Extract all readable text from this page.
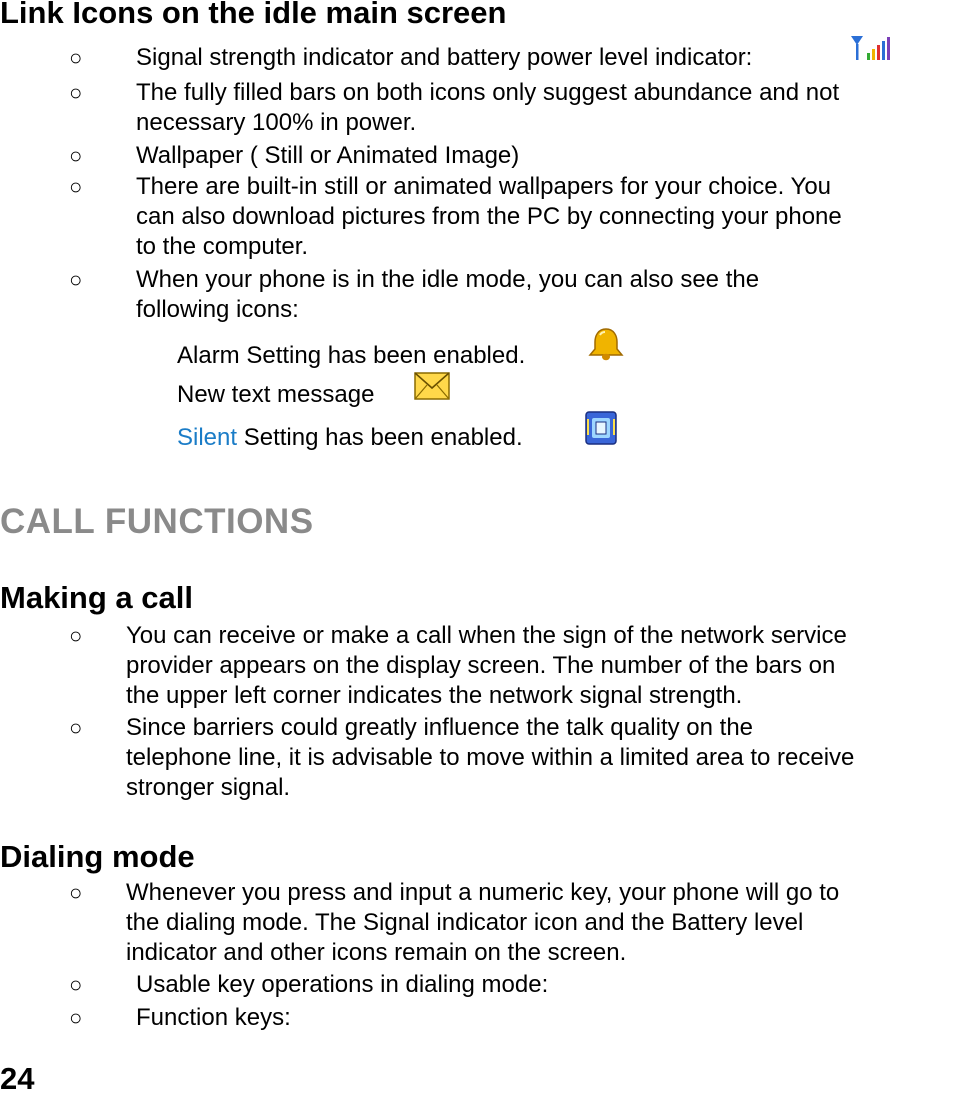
Link Icons on the idle main screen
○ Signal strength indicator and battery power level indicator:
○ The fully filled bars on both icons only suggest abundance and not
necessary 100% in power.
○ Wallpaper ( Still or Animated Image)
○ There are built-in still or animated wallpapers for your choice. You
can also download pictures from the PC by connecting your phone
to the computer.
○ When your phone is in the idle mode, you can also see the
following icons:
Alarm Setting has been enabled.
New text message
Silent Setting has been enabled.
CALL FUNCTIONS
Making a call
○ You can receive or make a call when the sign of the network service
provider appears on the display screen. The number of the bars on
the upper left corner indicates the network signal strength.
○ Since barriers could greatly influence the talk quality on the
telephone line, it is advisable to move within a limited area to receive
stronger signal.
Dialing mode
○ Whenever you press and input a numeric key, your phone will go to
the dialing mode. The Signal indicator icon and the Battery level
indicator and other icons remain on the screen.
○ Usable key operations in dialing mode:
○ Function keys:
24
